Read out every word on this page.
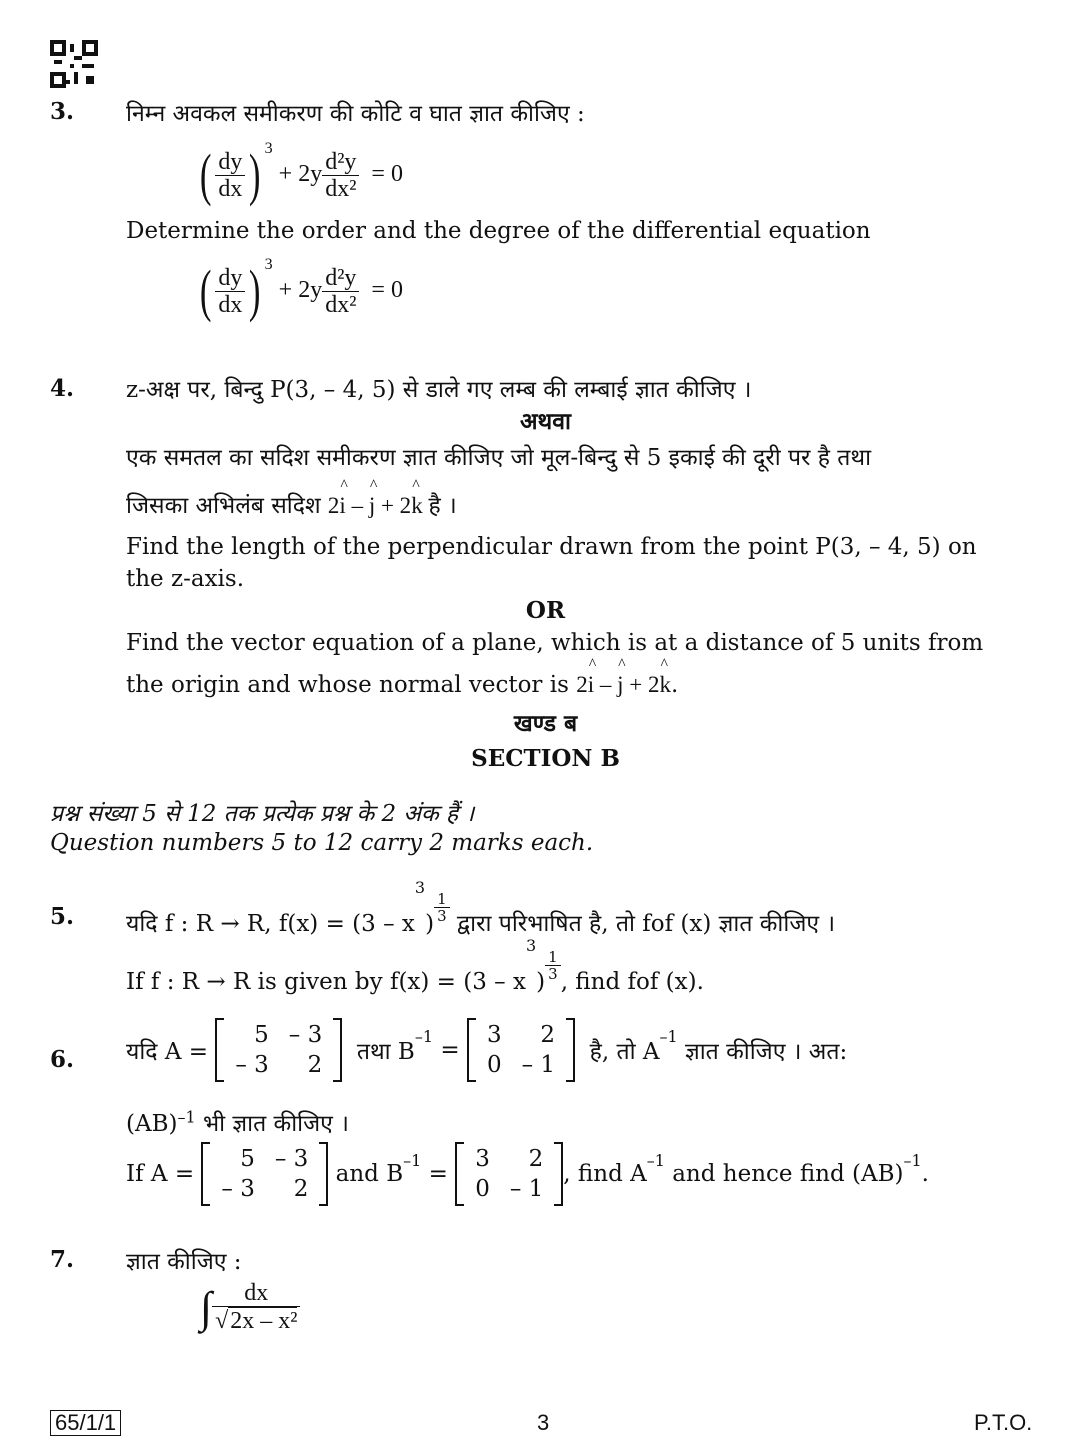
3. निम्न अवकल समीकरण की कोटि व घात ज्ञात कीजिए :
( $\frac{dy}{dx}$ ) $^3 + 2y \frac{\text{d²y}}{\text{dx²}} = 0$
Determine the order and the degree of the differential equation
( $\frac{dy}{dx}$ ) $^3 + 2y \frac{\text{d²y}}{\text{dx²}} = 0$
4. z-अक्ष पर, बिन्दु P(3, – 4, 5) से डाले गए लम्ब की लम्बाई ज्ञात कीजिए ।
अथवा
एक समतल का सदिश समीकरण ज्ञात कीजिए जो मूल-बिन्दु से 5 इकाई की दूरी पर है तथा
जिसका अभिलंब सदिश 2^ i – ^ j + 2^ k है ।
Find the length of the perpendicular drawn from the point P(3, – 4, 5) on
the z-axis.
OR
Find the vector equation of a plane, which is at a distance of 5 units from
the origin and whose normal vector is 2^ i – ^ j + 2^ k.
खण्ड ब
SECTION B
प्रश्न संख्या 5 से 12 तक प्रत्येक प्रश्न के 2 अंक हैं ।
Question numbers 5 to 12 carry 2 marks each.
5. यदि f : R → R, $f(x) = (3 - x^3) \frac{1}{3}$ द्वारा परिभाषित है, तो fof (x) ज्ञात कीजिए ।
If f : R → R is given by $f(x) = (3 - x^3) \frac{1}{3}$ , find fof (x).
6. यदि A =
5	– 3
– 3	2 तथा $B^{-1}$ =
3	2
0	– 1 है, तो $A^{-1}$ ज्ञात कीजिए । अत:
(AB)$^{-1}$ भी ज्ञात कीजिए ।
If A =
5	– 3
– 3	2
and $B^{-1}$ =
3	2
0	– 1
, find $A^{-1}$ and hence find (AB)$^{-1}$.
7. ज्ञात कीजिए :
∫ $\frac{dx}{\text{√2x – x²}}$
65/1/1	3	P.T.O.
